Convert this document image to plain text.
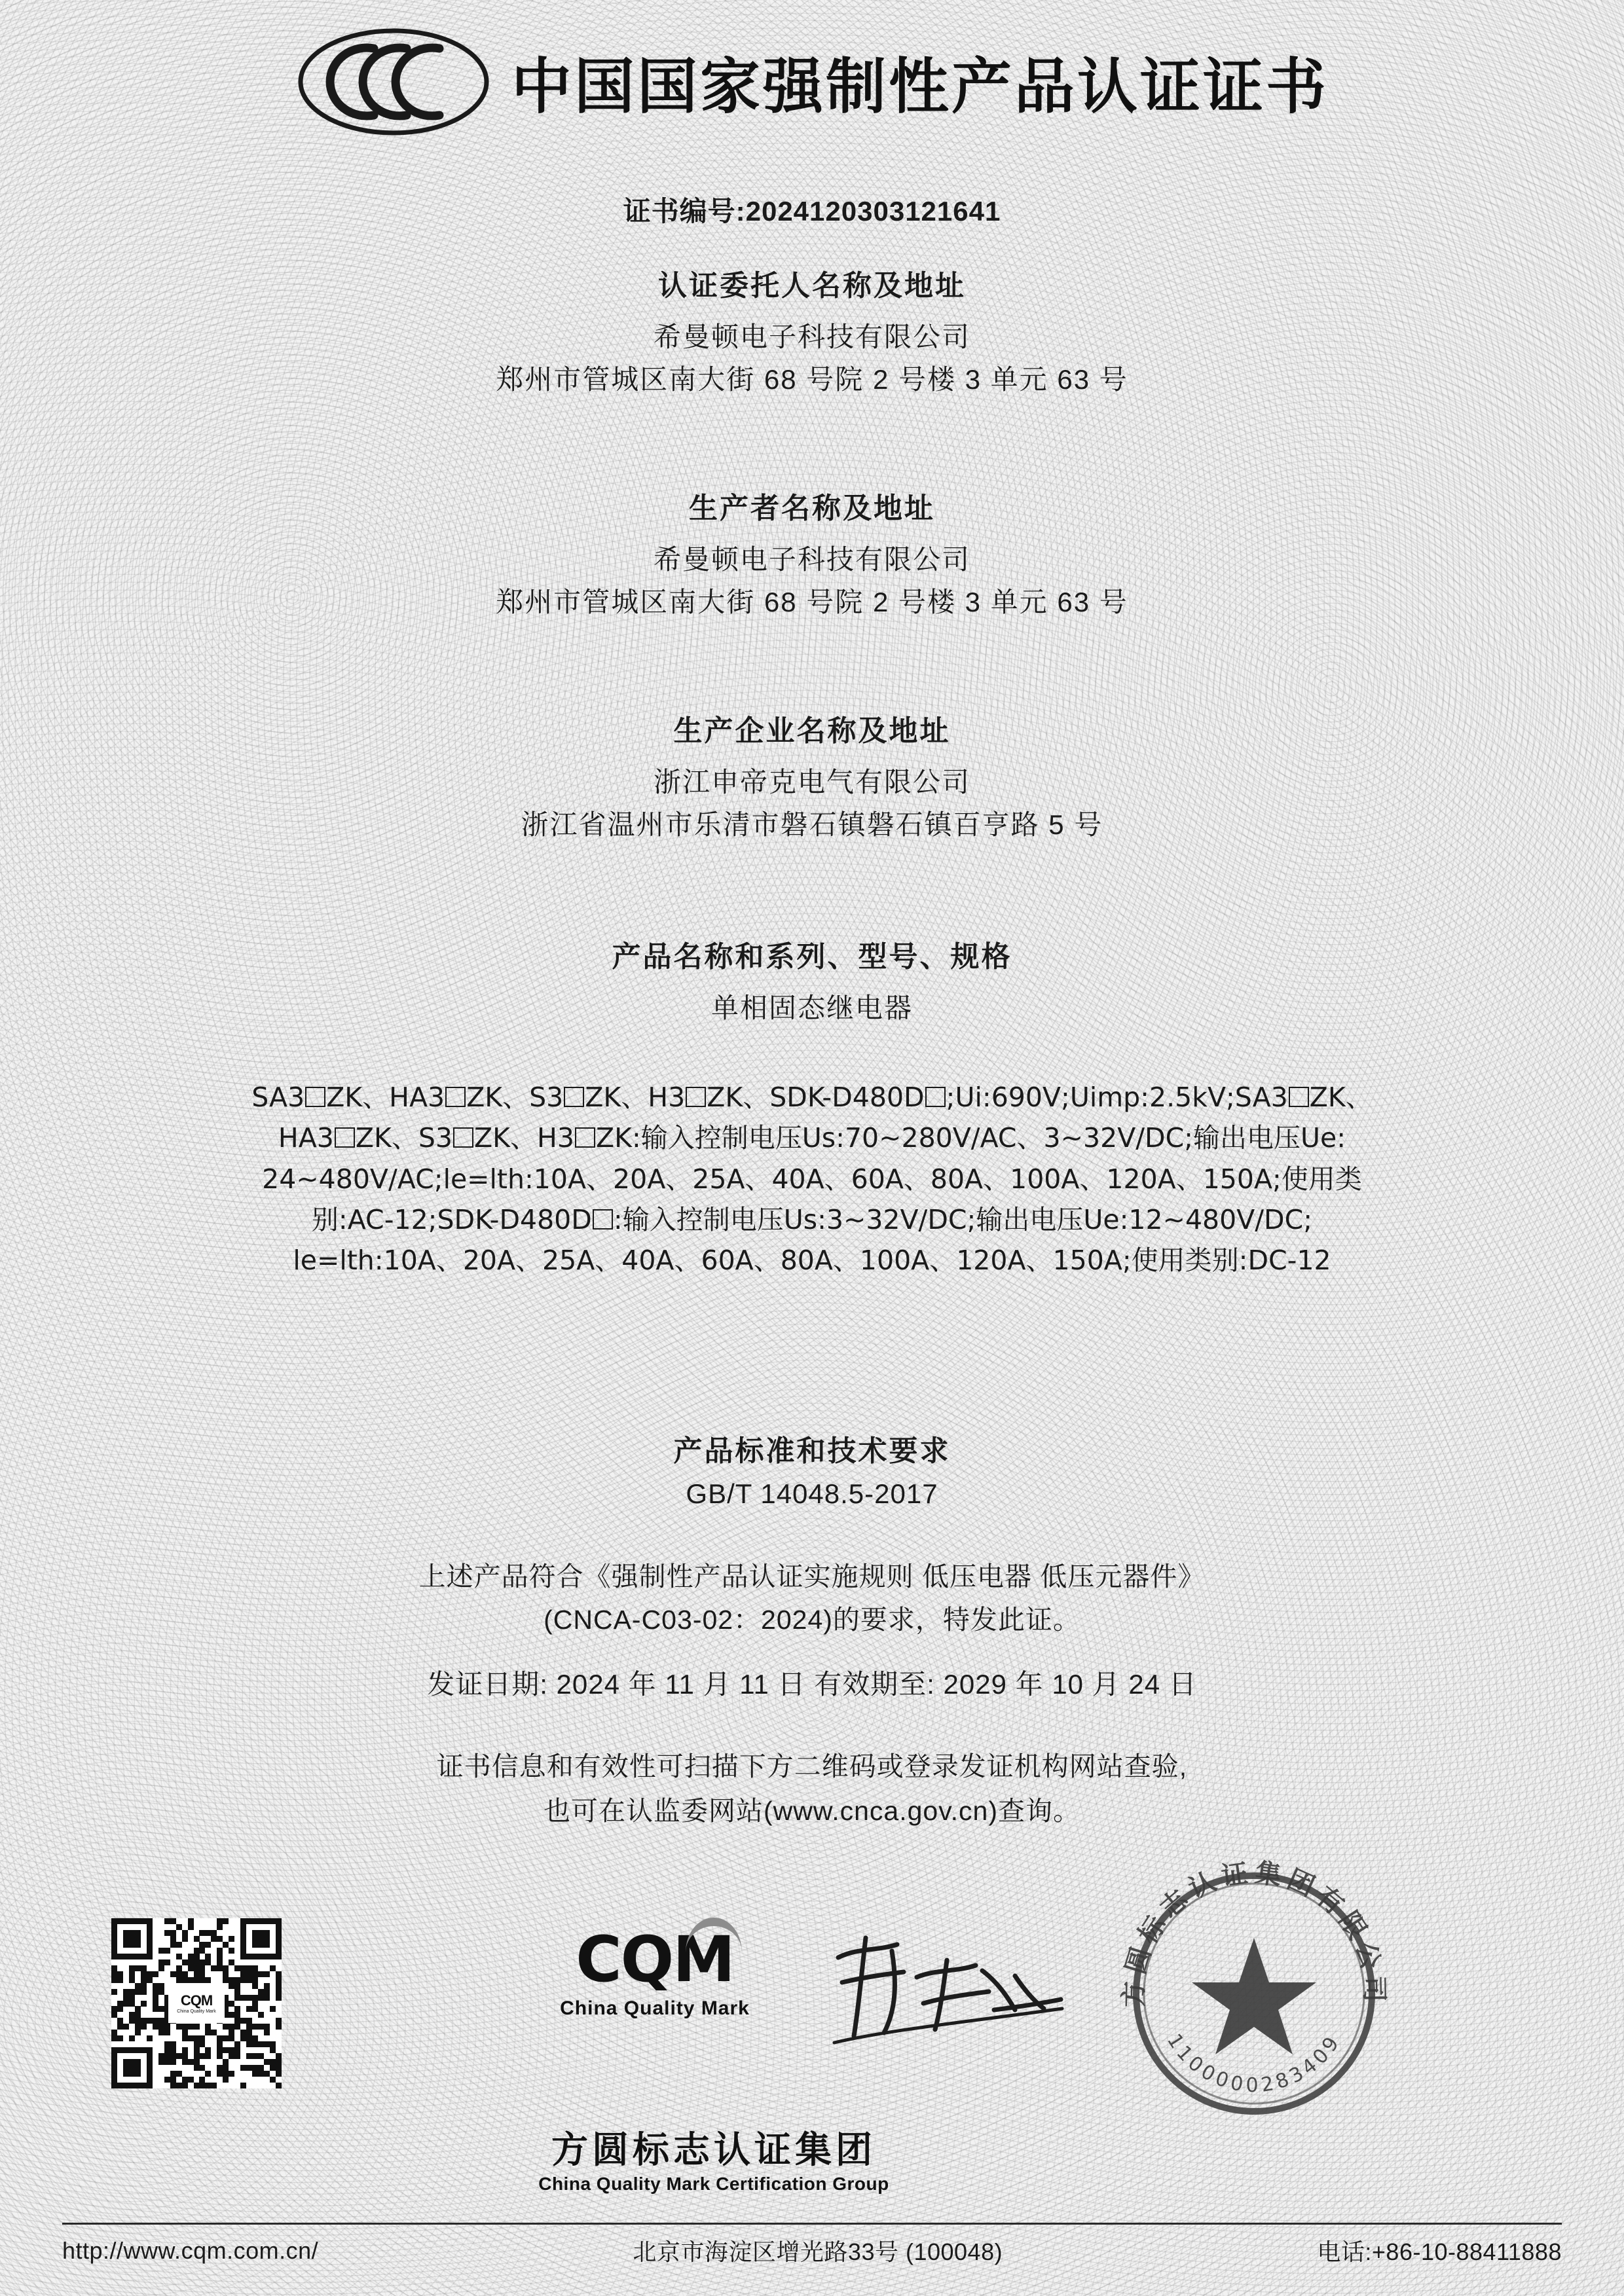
中国国家强制性产品认证证书
证书编号:2024120303121641
认证委托人名称及地址
希曼顿电子科技有限公司
郑州市管城区南大街 68 号院 2 号楼 3 单元 63 号
生产者名称及地址
希曼顿电子科技有限公司
郑州市管城区南大街 68 号院 2 号楼 3 单元 63 号
生产企业名称及地址
浙江申帝克电气有限公司
浙江省温州市乐清市磐石镇磐石镇百亨路 5 号
产品名称和系列、型号、规格
单相固态继电器

SA3 ZK、HA3 ZK、S3 ZK、H3 ZK、SDK-D480D ;Ui:690V;Uimp:2.5kV;SA3 ZK、

HA3 ZK、S3 ZK、H3 ZK:输入控制电压Us:70~280V/AC、3~32V/DC;输出电压Ue:

24~480V/AC;le=lth:10A、20A、25A、40A、60A、80A、100A、120A、150A;使用类

别:AC-12;SDK-D480D :输入控制电压Us:3~32V/DC;输出电压Ue:12~480V/DC;

le=lth:10A、20A、25A、40A、60A、80A、100A、120A、150A;使用类别:DC-12

产品标准和技术要求
GB/T 14048.5-2017
上述产品符合《强制性产品认证实施规则 低压电器 低压元器件》
(CNCA-C03-02：2024)的要求，特发此证。
发证日期: 2024 年 11 月 11 日 有效期至: 2029 年 10 月 24 日
证书信息和有效性可扫描下方二维码或登录发证机构网站查验,
也可在认监委网站(www.cnca.gov.cn)查询。
CQM
China Quality Mark
CQM
China Quality Mark
方圆标志认证集团
China Quality Mark Certification Group
方圆标志认证集团有限公司
1100000283409
http://www.cqm.com.cn/	北京市海淀区增光路33号 (100048)	电话:+86-10-88411888
